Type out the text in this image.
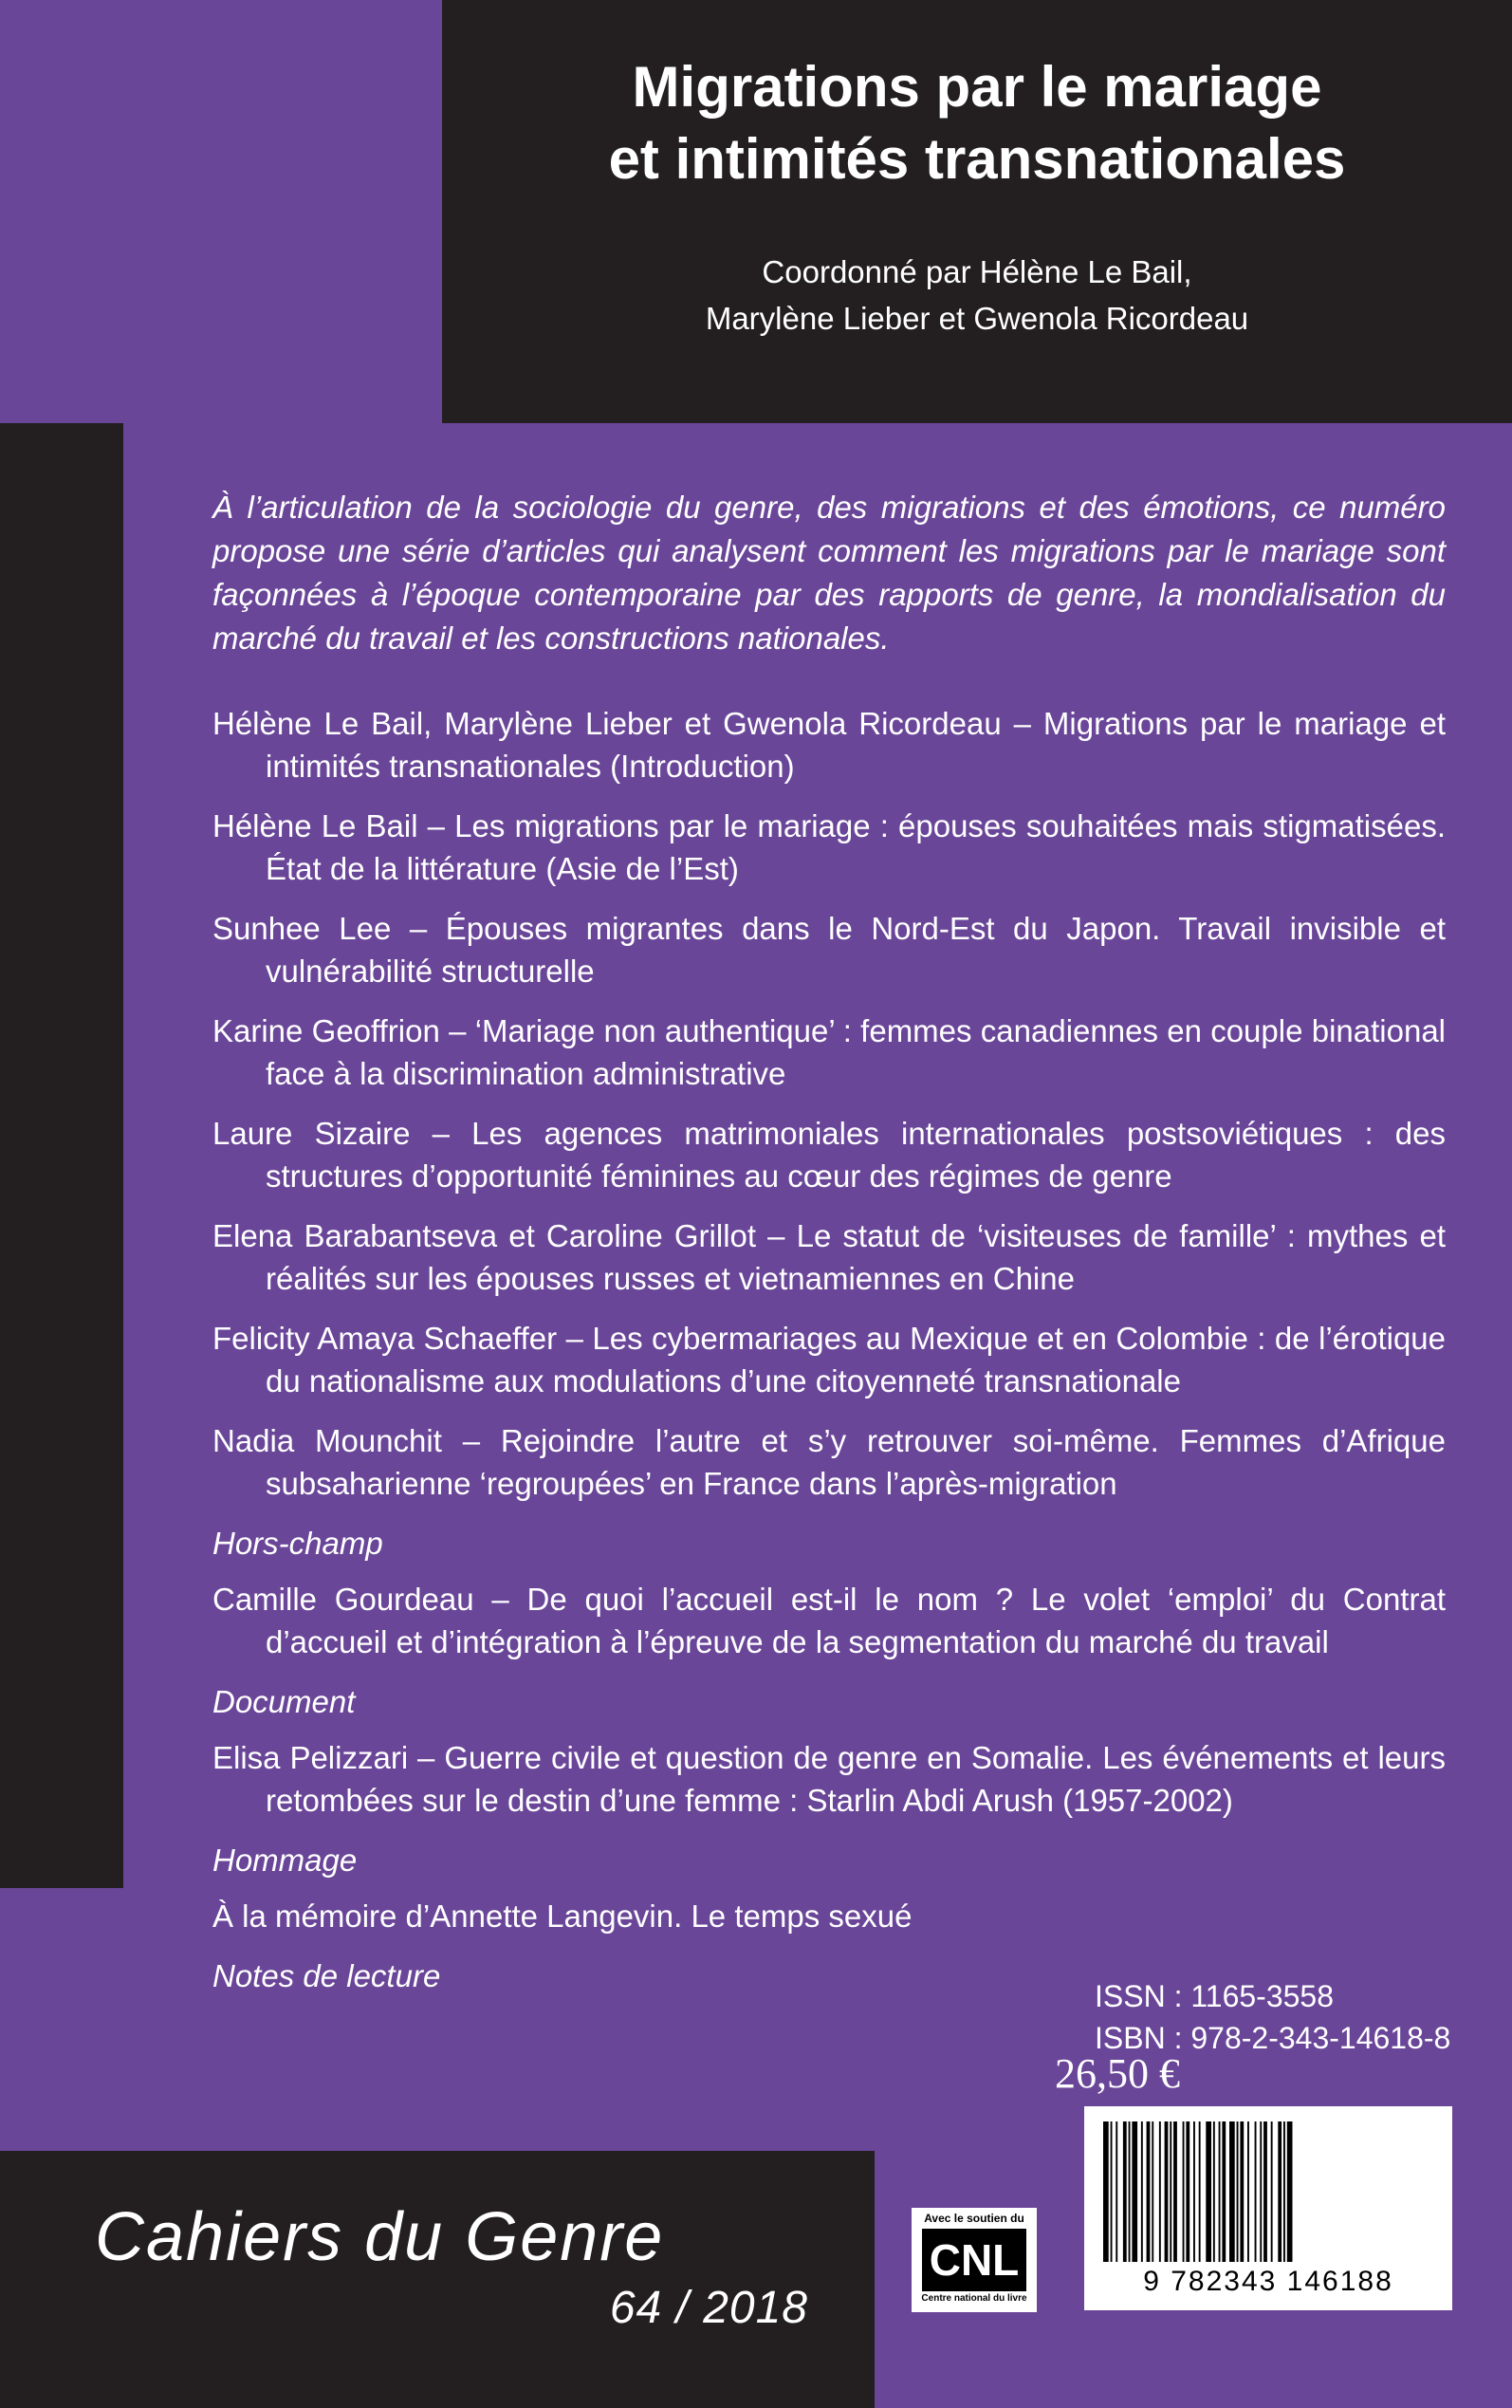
Migrations par le mariage
et intimités transnationales
Coordonné par Hélène Le Bail,
Marylène Lieber et Gwenola Ricordeau

À l’articulation de la sociologie du genre, des migrations et des émotions, ce numéro propose une série d’articles qui analysent comment les migrations par le mariage sont façonnées à l’époque contemporaine par des rapports de genre, la mondialisation du marché du travail et les constructions nationales.

Hélène Le Bail, Marylène Lieber et Gwenola Ricordeau – Migrations par le mariage et intimités transnationales (Introduction)

Hélène Le Bail – Les migrations par le mariage : épouses souhaitées mais stigmatisées. État de la littérature (Asie de l’Est)

Sunhee Lee – Épouses migrantes dans le Nord-Est du Japon. Travail invisible et vulnérabilité structurelle

Karine Geoffrion – ‘Mariage non authentique’ : femmes canadiennes en couple binational face à la discrimination administrative

Laure Sizaire – Les agences matrimoniales internationales postsoviétiques : des structures d’opportunité féminines au cœur des régimes de genre

Elena Barabantseva et Caroline Grillot – Le statut de ‘visiteuses de famille’ : mythes et réalités sur les épouses russes et vietnamiennes en Chine

Felicity Amaya Schaeffer – Les cybermariages au Mexique et en Colombie : de l’érotique du nationalisme aux modulations d’une citoyenneté transnationale

Nadia Mounchit – Rejoindre l’autre et s’y retrouver soi-même. Femmes d’Afrique subsaharienne ‘regroupées’ en France dans l’après-migration

Hors-champ

Camille Gourdeau – De quoi l’accueil est-il le nom ? Le volet ‘emploi’ du Contrat d’accueil et d’intégration à l’épreuve de la segmentation du marché du travail

Document

Elisa Pelizzari – Guerre civile et question de genre en Somalie. Les événements et leurs retombées sur le destin d’une femme : Starlin Abdi Arush (1957-2002)

Hommage

À la mémoire d’Annette Langevin. Le temps sexué

Notes de lecture

ISSN : 1165-3558
ISBN : 978-2-343-14618-8
26,50 €
9 782343 146188
Avec le soutien du
CNL
Centre national du livre
Cahiers du Genre
64 / 2018
